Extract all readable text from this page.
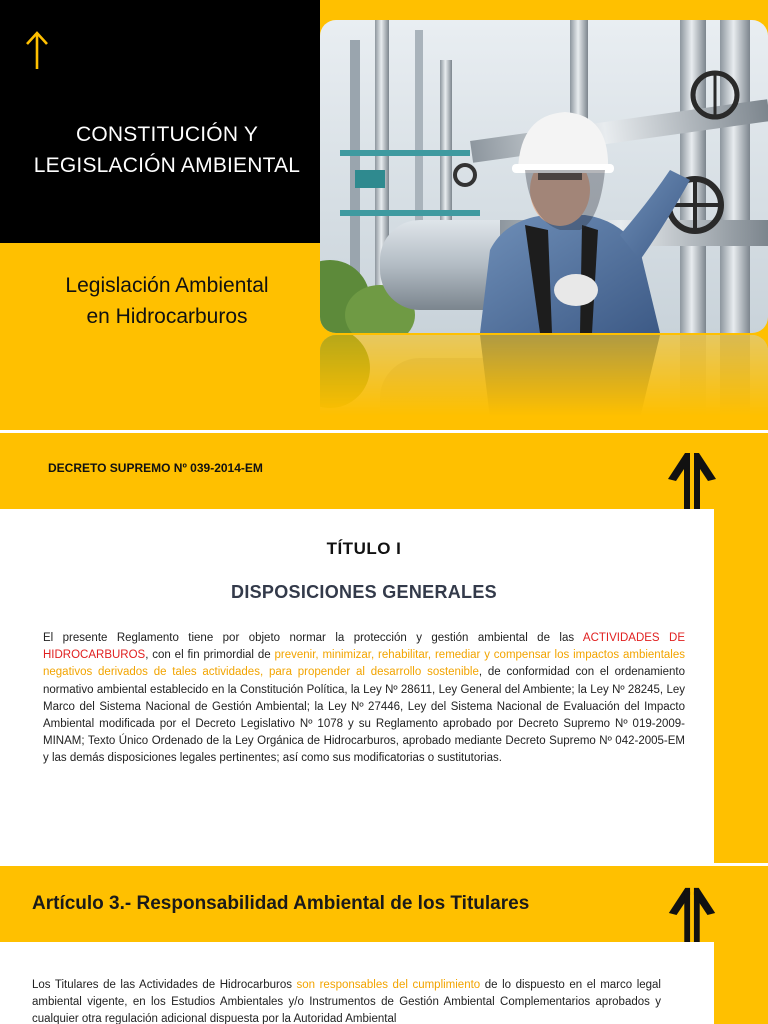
CONSTITUCIÓN Y
LEGISLACIÓN AMBIENTAL
Legislación Ambiental
en Hidrocarburos
DECRETO SUPREMO Nº 039-2014-EM
TÍTULO I
DISPOSICIONES GENERALES
El presente Reglamento tiene por objeto normar la protección y gestión ambiental de las ACTIVIDADES DE HIDROCARBUROS, con el fin primordial de prevenir, minimizar, rehabilitar, remediar y compensar los impactos ambientales negativos derivados de tales actividades, para propender al desarrollo sostenible, de conformidad con el ordenamiento normativo ambiental establecido en la Constitución Política, la Ley Nº 28611, Ley General del Ambiente; la Ley Nº 28245, Ley Marco del Sistema Nacional de Gestión Ambiental; la Ley Nº 27446, Ley del Sistema Nacional de Evaluación del Impacto Ambiental modificada por el Decreto Legislativo Nº 1078 y su Reglamento aprobado por Decreto Supremo Nº 019-2009-MINAM; Texto Único Ordenado de la Ley Orgánica de Hidrocarburos, aprobado mediante Decreto Supremo Nº 042-2005-EM y las demás disposiciones legales pertinentes; así como sus modificatorias o sustitutorias.
Artículo 3.- Responsabilidad Ambiental de los Titulares
Los Titulares de las Actividades de Hidrocarburos son responsables del cumplimiento de lo dispuesto en el marco legal ambiental vigente, en los Estudios Ambientales y/o Instrumentos de Gestión Ambiental Complementarios aprobados y cualquier otra regulación adicional dispuesta por la Autoridad Ambiental
